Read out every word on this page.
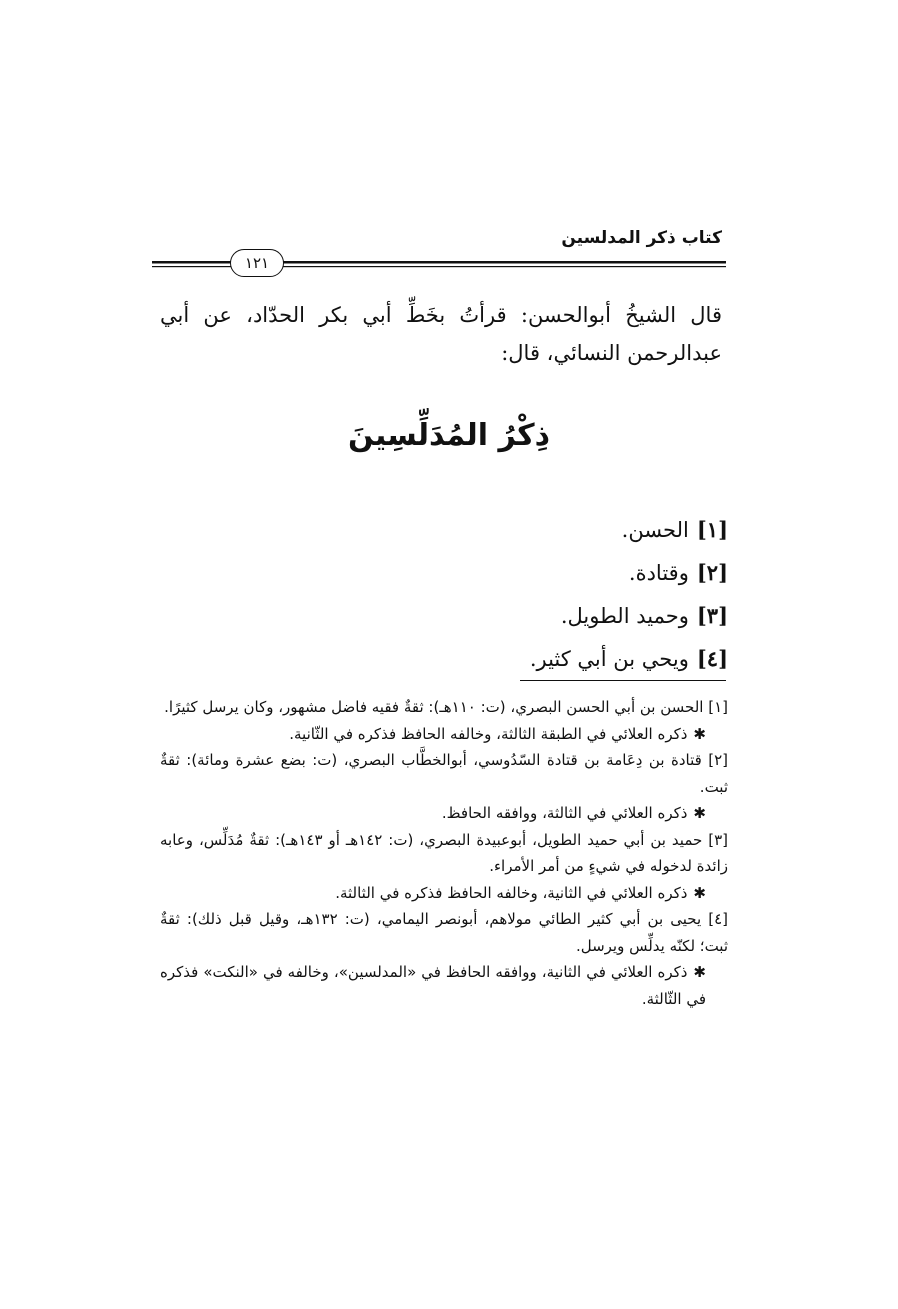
كتاب ذكر المدلسين
١٢١

قال الشيخُ أبوالحسن: قرأتُ بخَطِّ أبي بكر الحدّاد، عن أبي عبدالرحمن النسائي، قال:

ذِكْرُ المُدَلِّسِينَ
[١]الحسن.
[٢]وقتادة.
[٣]وحميد الطويل.
[٤]ويحي بن أبي كثير.

[١] الحسن بن أبي الحسن البصري، (ت: ١١٠هـ): ثقةٌ فقيه فاضل مشهور، وكان يرسل كثيرًا.

✱ذكره العلائي في الطبقة الثالثة، وخالفه الحافظ فذكره في الثّانية.

[٢] قتادة بن دِعَامة بن قتادة السّدُوسي، أبوالخطَّاب البصري، (ت: بضع عشرة ومائة): ثقةٌ ثبت.

✱ذكره العلائي في الثالثة، ووافقه الحافظ.

[٣] حميد بن أبي حميد الطويل، أبوعبيدة البصري، (ت: ١٤٢هـ أو ١٤٣هـ): ثقةٌ مُدَلِّس، وعابه زائدة لدخوله في شيءٍ من أمر الأمراء.

✱ذكره العلائي في الثانية، وخالفه الحافظ فذكره في الثالثة.

[٤] يحيى بن أبي كثير الطائي مولاهم، أبونصر اليمامي، (ت: ١٣٢هـ، وقيل قبل ذلك): ثقةٌ ثبت؛ لكنّه يدلِّس ويرسل.

✱ذكره العلائي في الثانية، ووافقه الحافظ في «المدلسين»، وخالفه في «النكت» فذكره في الثّالثة.
